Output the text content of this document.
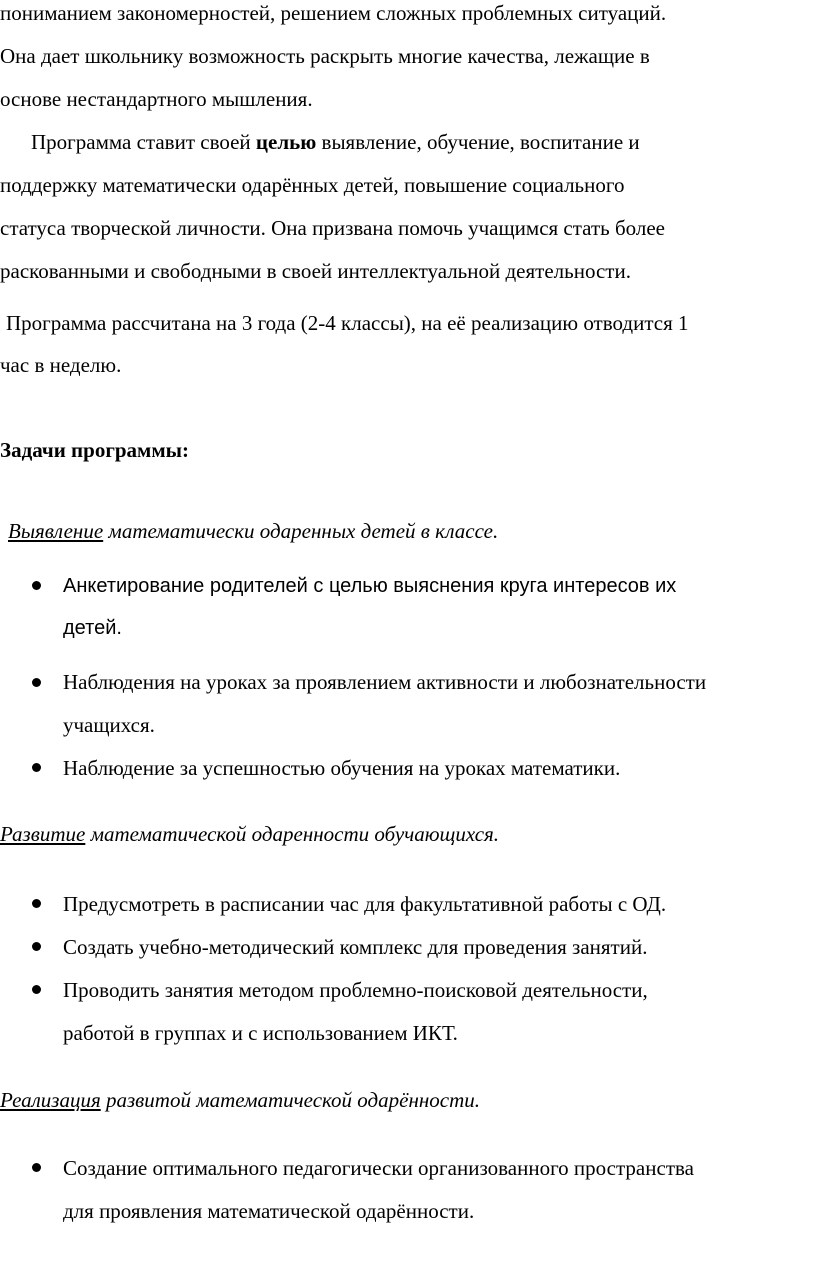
пониманием закономерностей, решением сложных проблемных ситуаций.
Она дает школьнику возможность раскрыть многие качества, лежащие в
основе нестандартного мышления.
Программа ставит своей целью выявление, обучение, воспитание и
поддержку математически одарённых детей, повышение социального
статуса творческой личности. Она призвана помочь учащимся стать более
раскованными и свободными в своей интеллектуальной деятельности.
Программа рассчитана на 3 года (2-4 классы), на её реализацию отводится 1
час в неделю.
Задачи программы:
Выявление математически одаренных детей в классе.
Анкетирование родителей с целью выяснения круга интересов их
детей.
Наблюдения на уроках за проявлением активности и любознательности
учащихся.
Наблюдение за успешностью обучения на уроках математики.
Развитие математической одаренности обучающихся.
Предусмотреть в расписании час для факультативной работы с ОД.
Создать учебно-методический комплекс для проведения занятий.
Проводить занятия методом проблемно-поисковой деятельности,
работой в группах и с использованием ИКТ.
Реализация развитой математической одарённости.
Создание оптимального педагогически организованного пространства
для проявления математической одарённости.
